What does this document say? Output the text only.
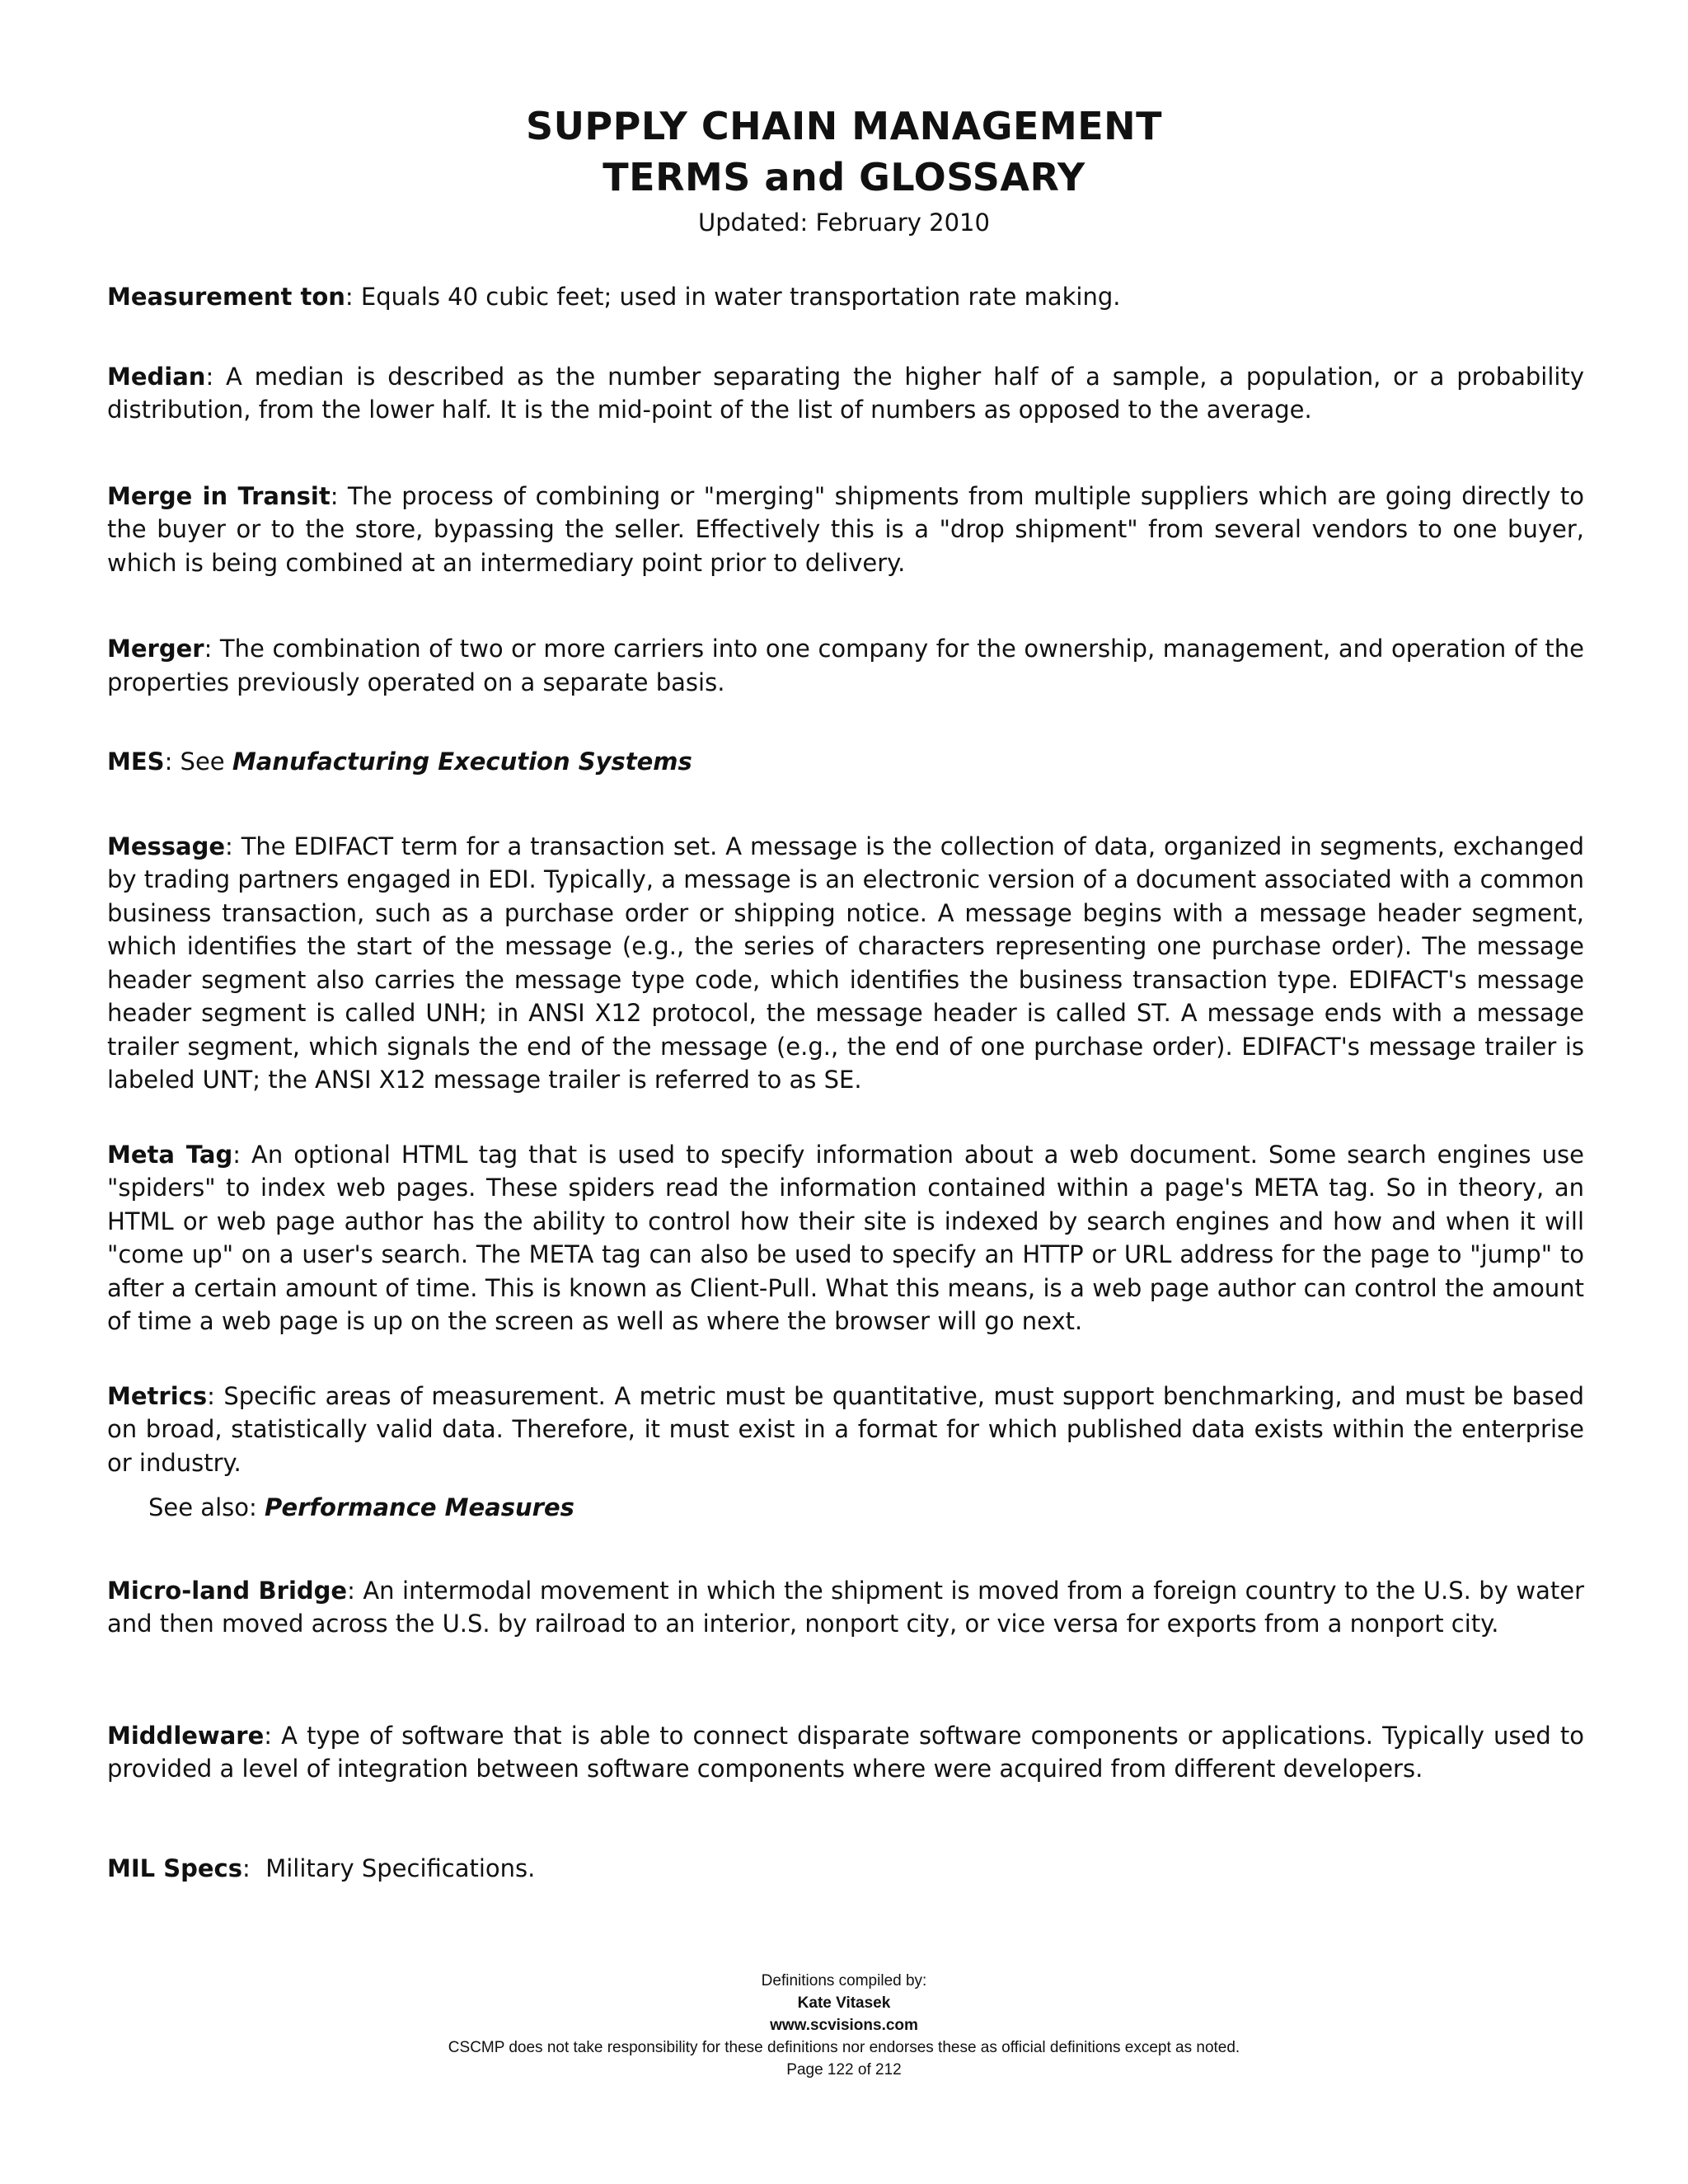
SUPPLY CHAIN MANAGEMENT
TERMS and GLOSSARY
Updated: February 2010

Measurement ton: Equals 40 cubic feet; used in water transportation rate making.

Median: A median is described as the number separating the higher half of a sample, a population, or a probability distribution, from the lower half. It is the mid-point of the list of numbers as opposed to the average.

Merge in Transit: The process of combining or "merging" shipments from multiple suppliers which are going directly to the buyer or to the store, bypassing the seller. Effectively this is a "drop shipment" from several vendors to one buyer, which is being combined at an intermediary point prior to delivery.

Merger: The combination of two or more carriers into one company for the ownership, management, and operation of the properties previously operated on a separate basis.

MES: See Manufacturing Execution Systems

Message: The EDIFACT term for a transaction set. A message is the collection of data, organized in segments, exchanged by trading partners engaged in EDI. Typically, a message is an electronic version of a document associated with a common business transaction, such as a purchase order or shipping notice. A message begins with a message header segment, which identifies the start of the message (e.g., the series of characters representing one purchase order). The message header segment also carries the message type code, which identifies the business transaction type. EDIFACT's message header segment is called UNH; in ANSI X12 protocol, the message header is called ST. A message ends with a message trailer segment, which signals the end of the message (e.g., the end of one purchase order). EDIFACT's message trailer is labeled UNT; the ANSI X12 message trailer is referred to as SE.

Meta Tag: An optional HTML tag that is used to specify information about a web document. Some search engines use "spiders" to index web pages. These spiders read the information contained within a page's META tag. So in theory, an HTML or web page author has the ability to control how their site is indexed by search engines and how and when it will "come up" on a user's search. The META tag can also be used to specify an HTTP or URL address for the page to "jump" to after a certain amount of time. This is known as Client-Pull. What this means, is a web page author can control the amount of time a web page is up on the screen as well as where the browser will go next.

Metrics: Specific areas of measurement. A metric must be quantitative, must support benchmarking, and must be based on broad, statistically valid data. Therefore, it must exist in a format for which published data exists within the enterprise or industry.

See also: Performance Measures

Micro-land Bridge: An intermodal movement in which the shipment is moved from a foreign country to the U.S. by water and then moved across the U.S. by railroad to an interior, nonport city, or vice versa for exports from a nonport city.

Middleware: A type of software that is able to connect disparate software components or applications. Typically used to provided a level of integration between software components where were acquired from different developers.

MIL Specs:  Military Specifications.

Definitions compiled by:
Kate Vitasek
www.scvisions.com
CSCMP does not take responsibility for these definitions nor endorses these as official definitions except as noted.
Page 122 of 212
